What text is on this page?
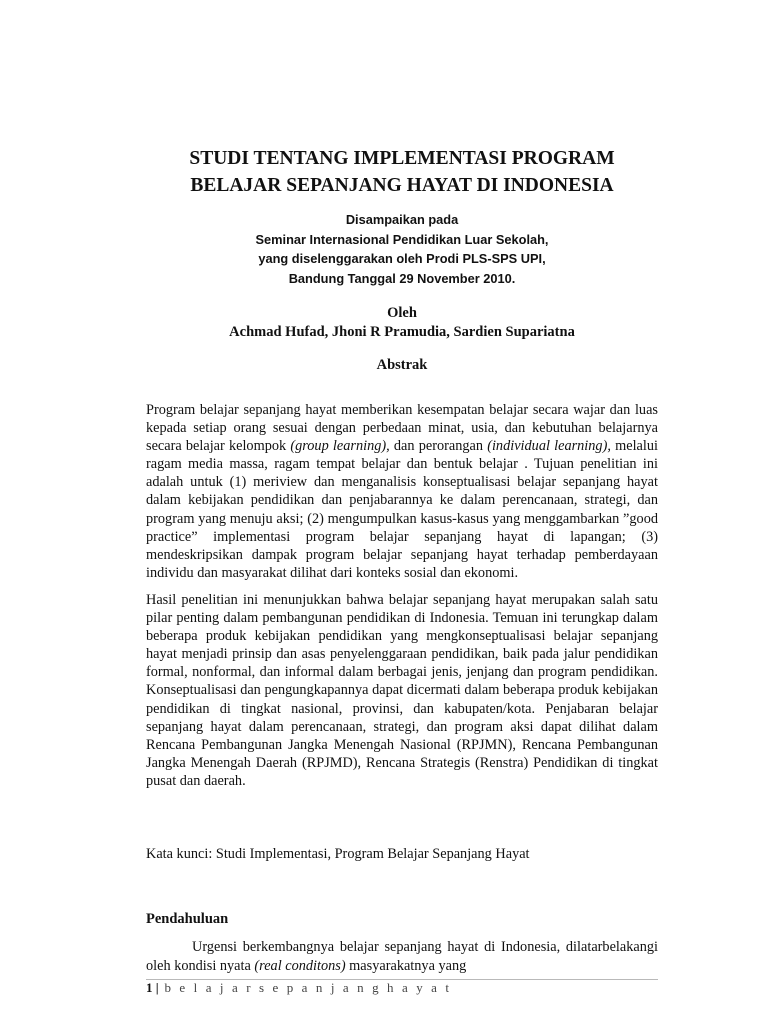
STUDI TENTANG IMPLEMENTASI PROGRAM
BELAJAR SEPANJANG HAYAT DI INDONESIA
Disampaikan pada
Seminar Internasional Pendidikan Luar Sekolah,
yang diselenggarakan oleh Prodi PLS-SPS UPI,
Bandung Tanggal 29 November 2010.
Oleh
Achmad Hufad, Jhoni R Pramudia, Sardien Supariatna
Abstrak

Program belajar sepanjang hayat memberikan kesempatan belajar secara wajar dan luas kepada setiap orang sesuai dengan perbedaan minat, usia, dan kebutuhan belajarnya secara belajar kelompok (group learning), dan perorangan (individual learning), melalui ragam media massa, ragam tempat belajar dan bentuk belajar . Tujuan penelitian ini adalah untuk (1) meriview dan menganalisis konseptualisasi belajar sepanjang hayat dalam kebijakan pendidikan dan penjabarannya ke dalam perencanaan, strategi, dan program yang menuju aksi; (2) mengumpulkan kasus-kasus yang menggambarkan ”good practice” implementasi program belajar sepanjang hayat di lapangan; (3) mendeskripsikan dampak program belajar sepanjang hayat terhadap pemberdayaan individu dan masyarakat dilihat dari konteks sosial dan ekonomi.

Hasil penelitian ini menunjukkan bahwa belajar sepanjang hayat merupakan salah satu pilar penting dalam pembangunan pendidikan di Indonesia. Temuan ini terungkap dalam beberapa produk kebijakan pendidikan yang mengkonseptualisasi belajar sepanjang hayat menjadi prinsip dan asas penyelenggaraan pendidikan, baik pada jalur pendidikan formal, nonformal, dan informal dalam berbagai jenis, jenjang dan program pendidikan. Konseptualisasi dan pengungkapannya dapat dicermati dalam beberapa produk kebijakan pendidikan di tingkat nasional, provinsi, dan kabupaten/kota. Penjabaran belajar sepanjang hayat dalam perencanaan, strategi, dan program aksi dapat dilihat dalam Rencana Pembangunan Jangka Menengah Nasional (RPJMN), Rencana Pembangunan Jangka Menengah Daerah (RPJMD), Rencana Strategis (Renstra) Pendidikan di tingkat pusat dan daerah.

Kata kunci: Studi Implementasi, Program Belajar Sepanjang Hayat
Pendahuluan

Urgensi berkembangnya belajar sepanjang hayat di Indonesia, dilatarbelakangi oleh kondisi nyata (real conditons) masyarakatnya yang

1 | b e l a j a r s e p a n j a n g h a y a t
